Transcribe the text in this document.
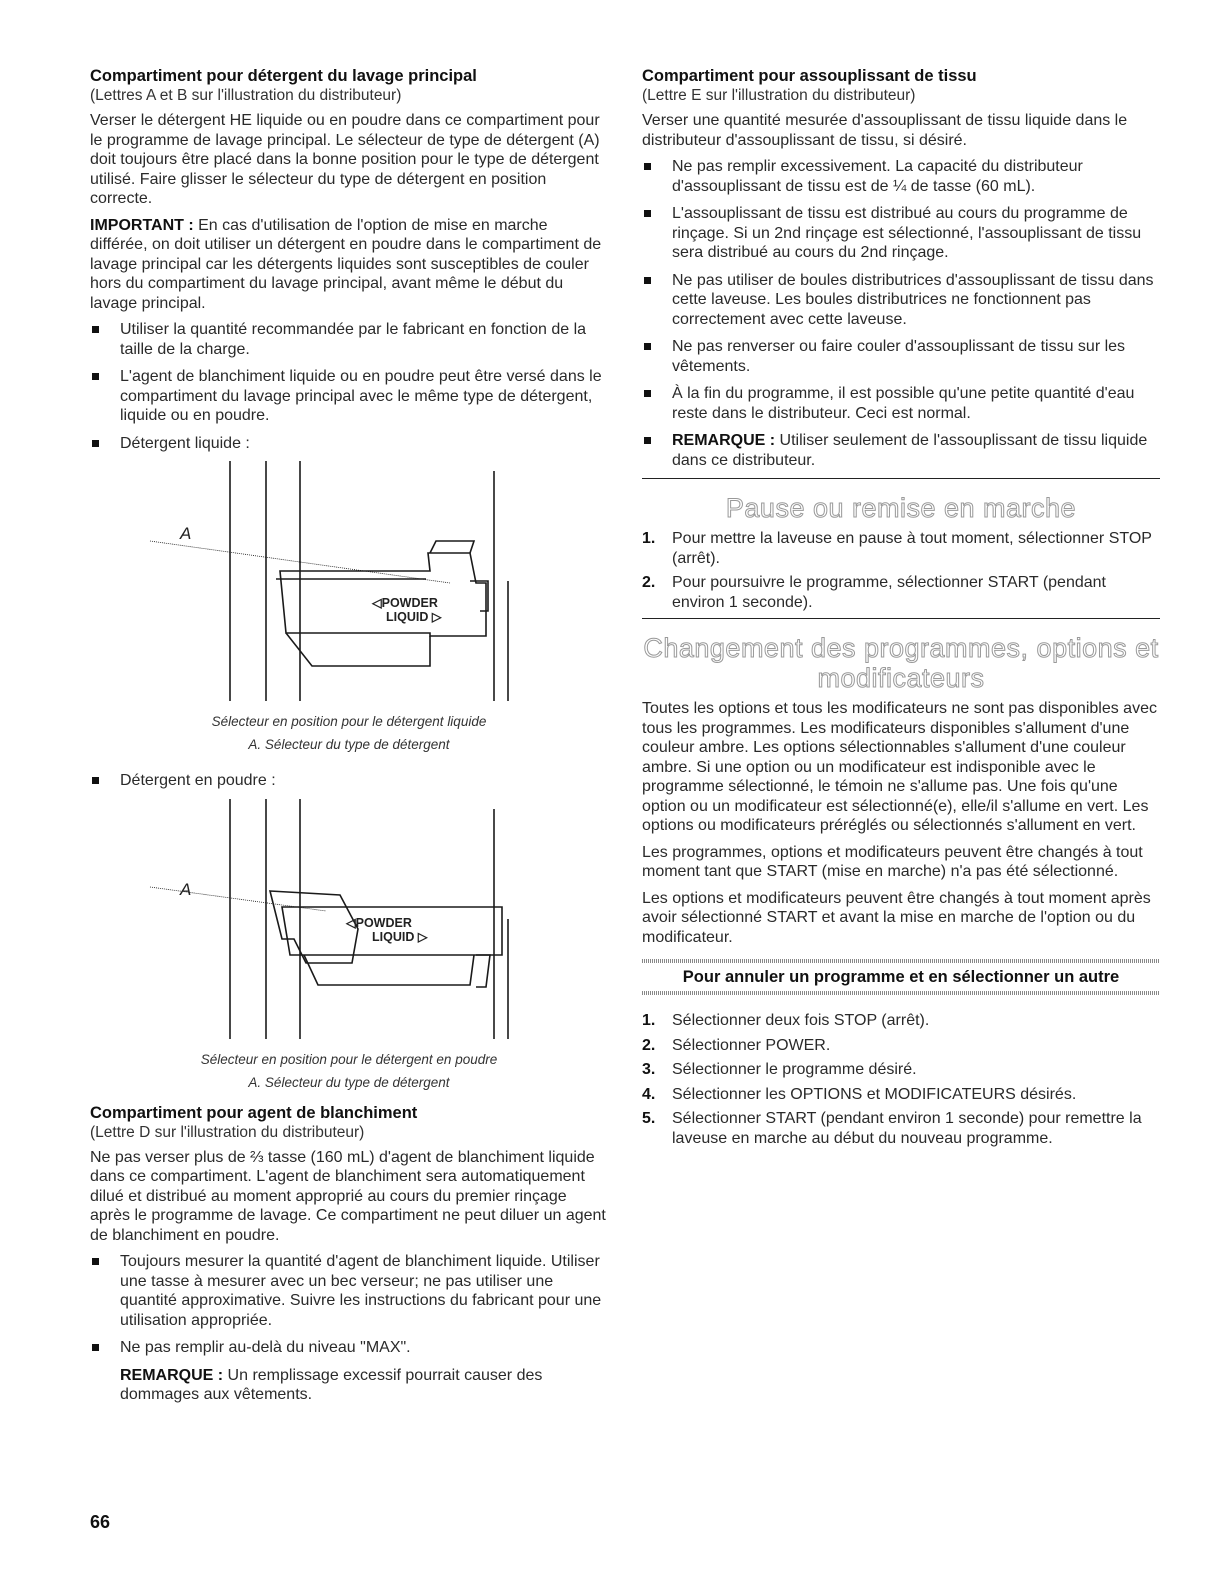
Compartiment pour détergent du lavage principal
(Lettres A et B sur l'illustration du distributeur)

Verser le détergent HE liquide ou en poudre dans ce compartiment pour le programme de lavage principal. Le sélecteur de type de détergent (A) doit toujours être placé dans la bonne position pour le type de détergent utilisé. Faire glisser le sélecteur du type de détergent en position correcte.

IMPORTANT : En cas d'utilisation de l'option de mise en marche différée, on doit utiliser un détergent en poudre dans le compartiment de lavage principal car les détergents liquides sont susceptibles de couler hors du compartiment du lavage principal, avant même le début du lavage principal.

Utiliser la quantité recommandée par le fabricant en fonction de la taille de la charge.
L'agent de blanchiment liquide ou en poudre peut être versé dans le compartiment du lavage principal avec le même type de détergent, liquide ou en poudre.
Détergent liquide :
A
◁POWDER
LIQUID ▷
Sélecteur en position pour le détergent liquide
A. Sélecteur du type de détergent
Détergent en poudre :
A
◁POWDER
LIQUID ▷
Sélecteur en position pour le détergent en poudre
A. Sélecteur du type de détergent
Compartiment pour agent de blanchiment
(Lettre D sur l'illustration du distributeur)

Ne pas verser plus de ⅔ tasse (160 mL) d'agent de blanchiment liquide dans ce compartiment. L'agent de blanchiment sera automatiquement dilué et distribué au moment approprié au cours du premier rinçage après le programme de lavage. Ce compartiment ne peut diluer un agent de blanchiment en poudre.

Toujours mesurer la quantité d'agent de blanchiment liquide. Utiliser une tasse à mesurer avec un bec verseur; ne pas utiliser une quantité approximative. Suivre les instructions du fabricant pour une utilisation appropriée.
Ne pas remplir au-delà du niveau "MAX".

REMARQUE : Un remplissage excessif pourrait causer des dommages aux vêtements.

66
Compartiment pour assouplissant de tissu
(Lettre E sur l'illustration du distributeur)

Verser une quantité mesurée d'assouplissant de tissu liquide dans le distributeur d'assouplissant de tissu, si désiré.

Ne pas remplir excessivement. La capacité du distributeur d'assouplissant de tissu est de ¼ de tasse (60 mL).
L'assouplissant de tissu est distribué au cours du programme de rinçage. Si un 2nd rinçage est sélectionné, l'assouplissant de tissu sera distribué au cours du 2nd rinçage.
Ne pas utiliser de boules distributrices d'assouplissant de tissu dans cette laveuse. Les boules distributrices ne fonctionnent pas correctement avec cette laveuse.
Ne pas renverser ou faire couler d'assouplissant de tissu sur les vêtements.
À la fin du programme, il est possible qu'une petite quantité d'eau reste dans le distributeur. Ceci est normal.
REMARQUE : Utiliser seulement de l'assouplissant de tissu liquide dans ce distributeur.
Pause ou remise en marche
1. Pour mettre la laveuse en pause à tout moment, sélectionner STOP (arrêt).
2. Pour poursuivre le programme, sélectionner START (pendant environ 1 seconde).
Changement des programmes, options et
modificateurs

Toutes les options et tous les modificateurs ne sont pas disponibles avec tous les programmes. Les modificateurs disponibles s'allument d'une couleur ambre. Les options sélectionnables s'allument d'une couleur ambre. Si une option ou un modificateur est indisponible avec le programme sélectionné, le témoin ne s'allume pas. Une fois qu'une option ou un modificateur est sélectionné(e), elle/il s'allume en vert. Les options ou modificateurs préréglés ou sélectionnés s'allument en vert.

Les programmes, options et modificateurs peuvent être changés à tout moment tant que START (mise en marche) n'a pas été sélectionné.

Les options et modificateurs peuvent être changés à tout moment après avoir sélectionné START et avant la mise en marche de l'option ou du modificateur.

Pour annuler un programme et en sélectionner un autre
1. Sélectionner deux fois STOP (arrêt).
2. Sélectionner POWER.
3. Sélectionner le programme désiré.
4. Sélectionner les OPTIONS et MODIFICATEURS désirés.
5. Sélectionner START (pendant environ 1 seconde) pour remettre la laveuse en marche au début du nouveau programme.
